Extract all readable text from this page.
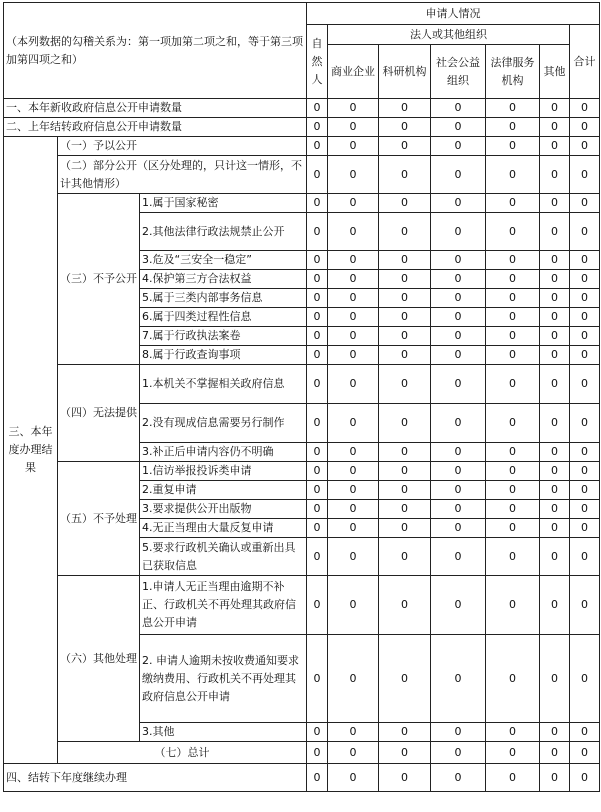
（本列数据的勾稽关系为：第一项加第二项之和，等于第三项加第四项之和）			申请人情况						
			自然人	法人或其他组织					合计
				商业企业	科研机构	社会公益组织	法律服务机构	其他	
一、本年新收政府信息公开申请数量			0	0	0	0	0	0	0
二、上年结转政府信息公开申请数量			0	0	0	0	0	0	0
三、本年度办理结果	（一）予以公开		0	0	0	0	0	0	0
	（二）部分公开（区分处理的，只计这一情形，不计其他情形）		0	0	0	0	0	0	0
	（三）不予公开	1.属于国家秘密	0	0	0	0	0	0	0
		2.其他法律行政法规禁止公开	0	0	0	0	0	0	0
		3.危及“三安全一稳定”	0	0	0	0	0	0	0
		4.保护第三方合法权益	0	0	0	0	0	0	0
		5.属于三类内部事务信息	0	0	0	0	0	0	0
		6.属于四类过程性信息	0	0	0	0	0	0	0
		7.属于行政执法案卷	0	0	0	0	0	0	0
		8.属于行政查询事项	0	0	0	0	0	0	0
	（四）无法提供	1.本机关不掌握相关政府信息	0	0	0	0	0	0	0
		2.没有现成信息需要另行制作	0	0	0	0	0	0	0
		3.补正后申请内容仍不明确	0	0	0	0	0	0	0
	（五）不予处理	1.信访举报投诉类申请	0	0	0	0	0	0	0
		2.重复申请	0	0	0	0	0	0	0
		3.要求提供公开出版物	0	0	0	0	0	0	0
		4.无正当理由大量反复申请	0	0	0	0	0	0	0
		5.要求行政机关确认或重新出具已获取信息	0	0	0	0	0	0	0
	（六）其他处理	1.申请人无正当理由逾期不补正、行政机关不再处理其政府信息公开申请	0	0	0	0	0	0	0
		2. 申请人逾期未按收费通知要求缴纳费用、行政机关不再处理其政府信息公开申请	0	0	0	0	0	0	0
		3.其他	0	0	0	0	0	0	0
	（七）总计		0	0	0	0	0	0	0
四、结转下年度继续办理			0	0	0	0	0	0	0
